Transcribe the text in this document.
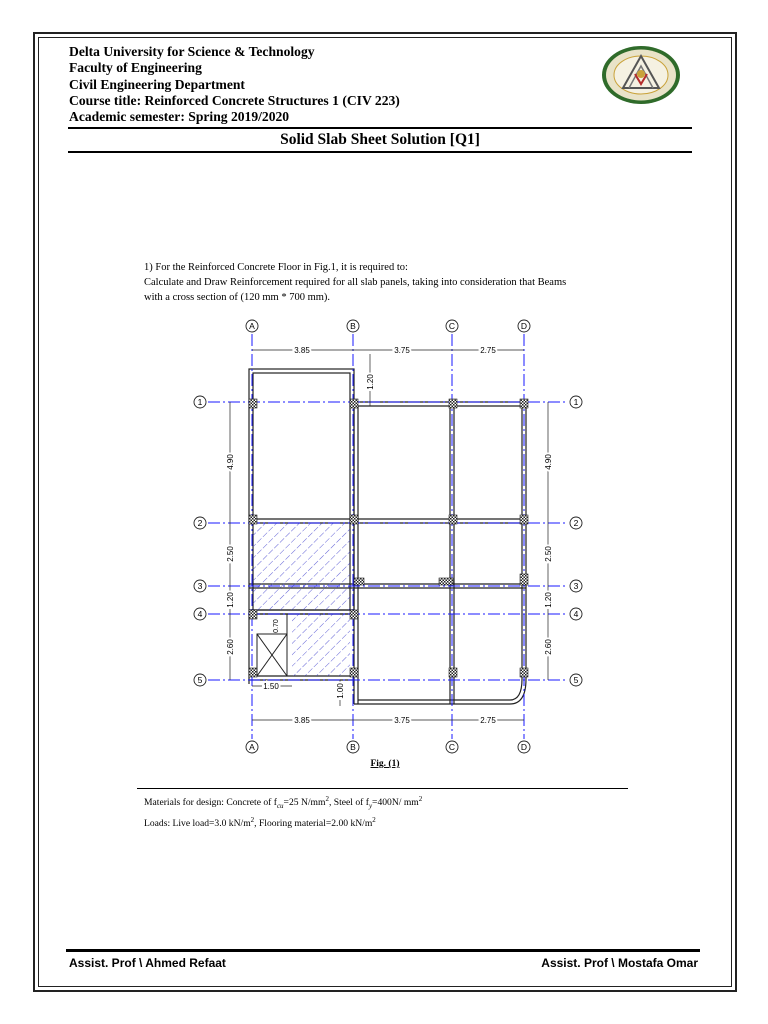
Delta University for Science & Technology
Faculty of Engineering
Civil Engineering Department
Course title: Reinforced Concrete Structures 1 (CIV 223)
Academic semester: Spring 2019/2020
Solid Slab Sheet Solution [Q1]
1) For the Reinforced Concrete Floor in Fig.1, it is required to:
Calculate and Draw Reinforcement required for all slab panels, taking into consideration that Beams
with a cross section of (120 mm * 700 mm).
A	B	C	D
A	B	C	D
1
2
3
4
5
1
2
3
4
5
3.85	3.75	2.75
3.85	3.75	2.75
1.50
4.90
2.50
1.20
2.60
4.90
2.50
1.20
2.60
1.20
1.00
0.70
Fig. (1)
Materials for design: Concrete of $f_{cu}=25$ $N/mm^2$, Steel of $f_y=400N/$ $mm^2$
Loads: Live load=3.0 $kN/m^2$, Flooring material=2.00 $kN/m^2$
Assist. Prof \ Ahmed Refaat	Assist. Prof \ Mostafa Omar
